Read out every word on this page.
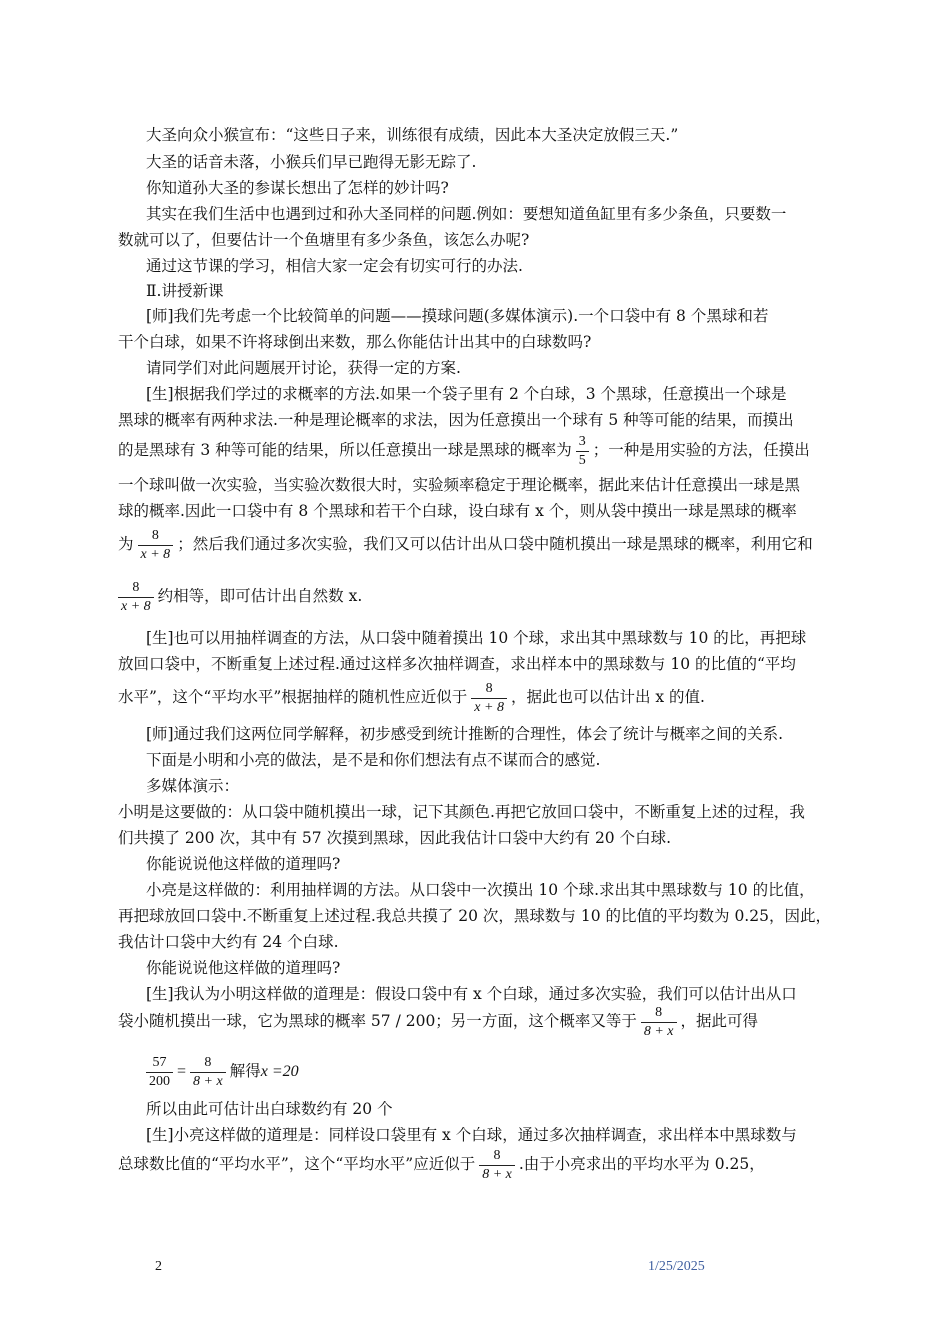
大圣向众小猴宣布：“这些日子来，训练很有成绩，因此本大圣决定放假三天.”
大圣的话音未落，小猴兵们早已跑得无影无踪了.
你知道孙大圣的参谋长想出了怎样的妙计吗?
其实在我们生活中也遇到过和孙大圣同样的问题.例如：要想知道鱼缸里有多少条鱼，只要数一
数就可以了，但要估计一个鱼塘里有多少条鱼，该怎么办呢?
通过这节课的学习，相信大家一定会有切实可行的办法.
Ⅱ.讲授新课
[师]我们先考虑一个比较简单的问题——摸球问题(多媒体演示).一个口袋中有 8 个黑球和若
干个白球，如果不许将球倒出来数，那么你能估计出其中的白球数吗?
请同学们对此问题展开讨论，获得一定的方案.
[生]根据我们学过的求概率的方法.如果一个袋子里有 2 个白球，3 个黑球，任意摸出一个球是
黑球的概率有两种求法.一种是理论概率的求法，因为任意摸出一个球有 5 种等可能的结果，而摸出
的是黑球有 3 种等可能的结果，所以任意摸出一球是黑球的概率为 $\frac{3}{5}$ ；一种是用实验的方法，任摸出
一个球叫做一次实验，当实验次数很大时，实验频率稳定于理论概率，据此来估计任意摸出一球是黑
球的概率.因此一口袋中有 8 个黑球和若干个白球，设白球有 x 个，则从袋中摸出一球是黑球的概率
为 $\frac{8}{x + 8}$ ；然后我们通过多次实验，我们又可以估计出从口袋中随机摸出一球是黑球的概率，利用它和
$\frac{8}{x + 8}$ 约相等，即可估计出自然数 x.
[生]也可以用抽样调查的方法，从口袋中随着摸出 10 个球，求出其中黑球数与 10 的比，再把球
放回口袋中，不断重复上述过程.通过这样多次抽样调查，求出样本中的黑球数与 10 的比值的“平均
水平”，这个“平均水平”根据抽样的随机性应近似于 $\frac{8}{x + 8}$ ，据此也可以估计出 x 的值.
[师]通过我们这两位同学解释，初步感受到统计推断的合理性，体会了统计与概率之间的关系.
下面是小明和小亮的做法，是不是和你们想法有点不谋而合的感觉.
多媒体演示：
小明是这要做的：从口袋中随机摸出一球，记下其颜色.再把它放回口袋中，不断重复上述的过程，我
们共摸了 200 次，其中有 57 次摸到黑球，因此我估计口袋中大约有 20 个白球.
你能说说他这样做的道理吗?
小亮是这样做的：利用抽样调的方法。从口袋中一次摸出 10 个球.求出其中黑球数与 10 的比值，
再把球放回口袋中.不断重复上述过程.我总共摸了 20 次，黑球数与 10 的比值的平均数为 0.25，因此，
我估计口袋中大约有 24 个白球.
你能说说他这样做的道理吗?
[生]我认为小明这样做的道理是：假设口袋中有 x 个白球，通过多次实验，我们可以估计出从口
袋小随机摸出一球，它为黑球的概率 57 / 200；另一方面，这个概率又等于 $\frac{8}{8 + x}$ ，据此可得
$\frac{57}{200} = \frac{8}{8 + x}$ 解得x =20
所以由此可估计出白球数约有 20 个
[生]小亮这样做的道理是：同样设口袋里有 x 个白球，通过多次抽样调查，求出样本中黑球数与
总球数比值的“平均水平”，这个“平均水平”应近似于 $\frac{8}{8 + x}$ .由于小亮求出的平均水平为 0.25，
2	1/25/2025
